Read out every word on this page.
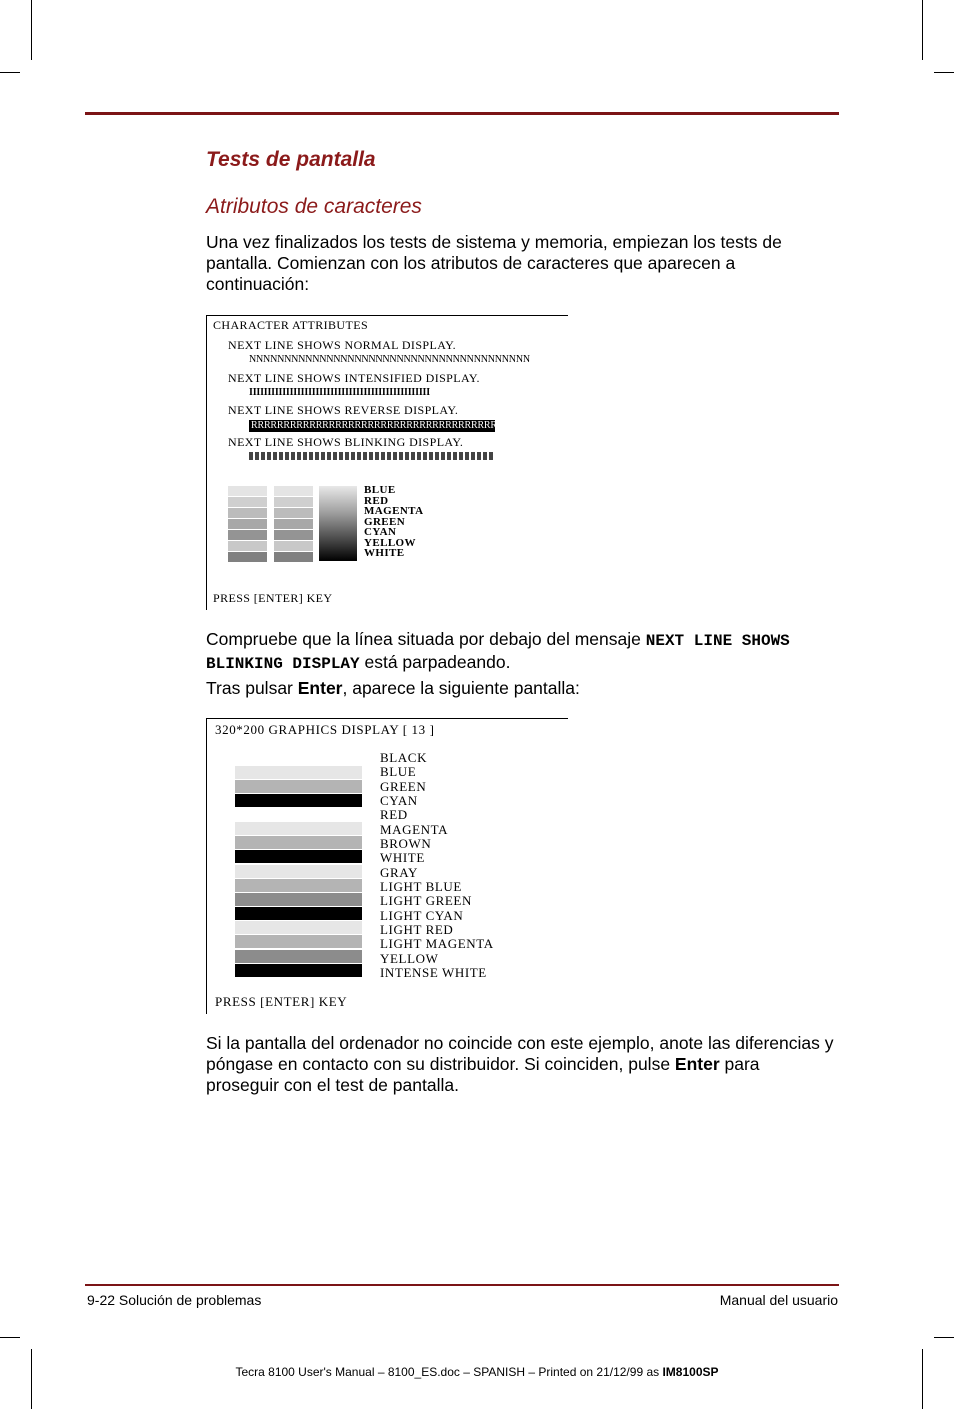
Tests de pantalla
Atributos de caracteres
Una vez finalizados los tests de sistema y memoria, empiezan los tests de pantalla. Comienzan con los atributos de caracteres que aparecen a continuación:
CHARACTER ATTRIBUTES
NEXT LINE SHOWS NORMAL DISPLAY.
NNNNNNNNNNNNNNNNNNNNNNNNNNNNNNNNNNNNNNNN
NEXT LINE SHOWS INTENSIFIED DISPLAY.
IIIIIIIIIIIIIIIIIIIIIIIIIIIIIIIIIIIIIIIIIIIIIIIII
NEXT LINE SHOWS REVERSE DISPLAY.
RRRRRRRRRRRRRRRRRRRRRRRRRRRRRRRRRRRRRRRR
NEXT LINE SHOWS BLINKING DISPLAY.
BLUE
RED
MAGENTA
GREEN
CYAN
YELLOW
WHITE
PRESS [ENTER] KEY
Compruebe que la línea situada por debajo del mensaje NEXT LINE SHOWS BLINKING DISPLAY está parpadeando.
Tras pulsar Enter, aparece la siguiente pantalla:
320*200 GRAPHICS DISPLAY [ 13 ]
BLACK
BLUE
GREEN
CYAN
RED
MAGENTA
BROWN
WHITE
GRAY
LIGHT BLUE
LIGHT GREEN
LIGHT CYAN
LIGHT RED
LIGHT MAGENTA
YELLOW
INTENSE WHITE
PRESS [ENTER] KEY
Si la pantalla del ordenador no coincide con este ejemplo, anote las diferencias y póngase en contacto con su distribuidor. Si coinciden, pulse Enter para proseguir con el test de pantalla.
9-22 Solución de problemas	Manual del usuario
Tecra 8100 User's Manual – 8100_ES.doc – SPANISH – Printed on 21/12/99 as IM8100SP
